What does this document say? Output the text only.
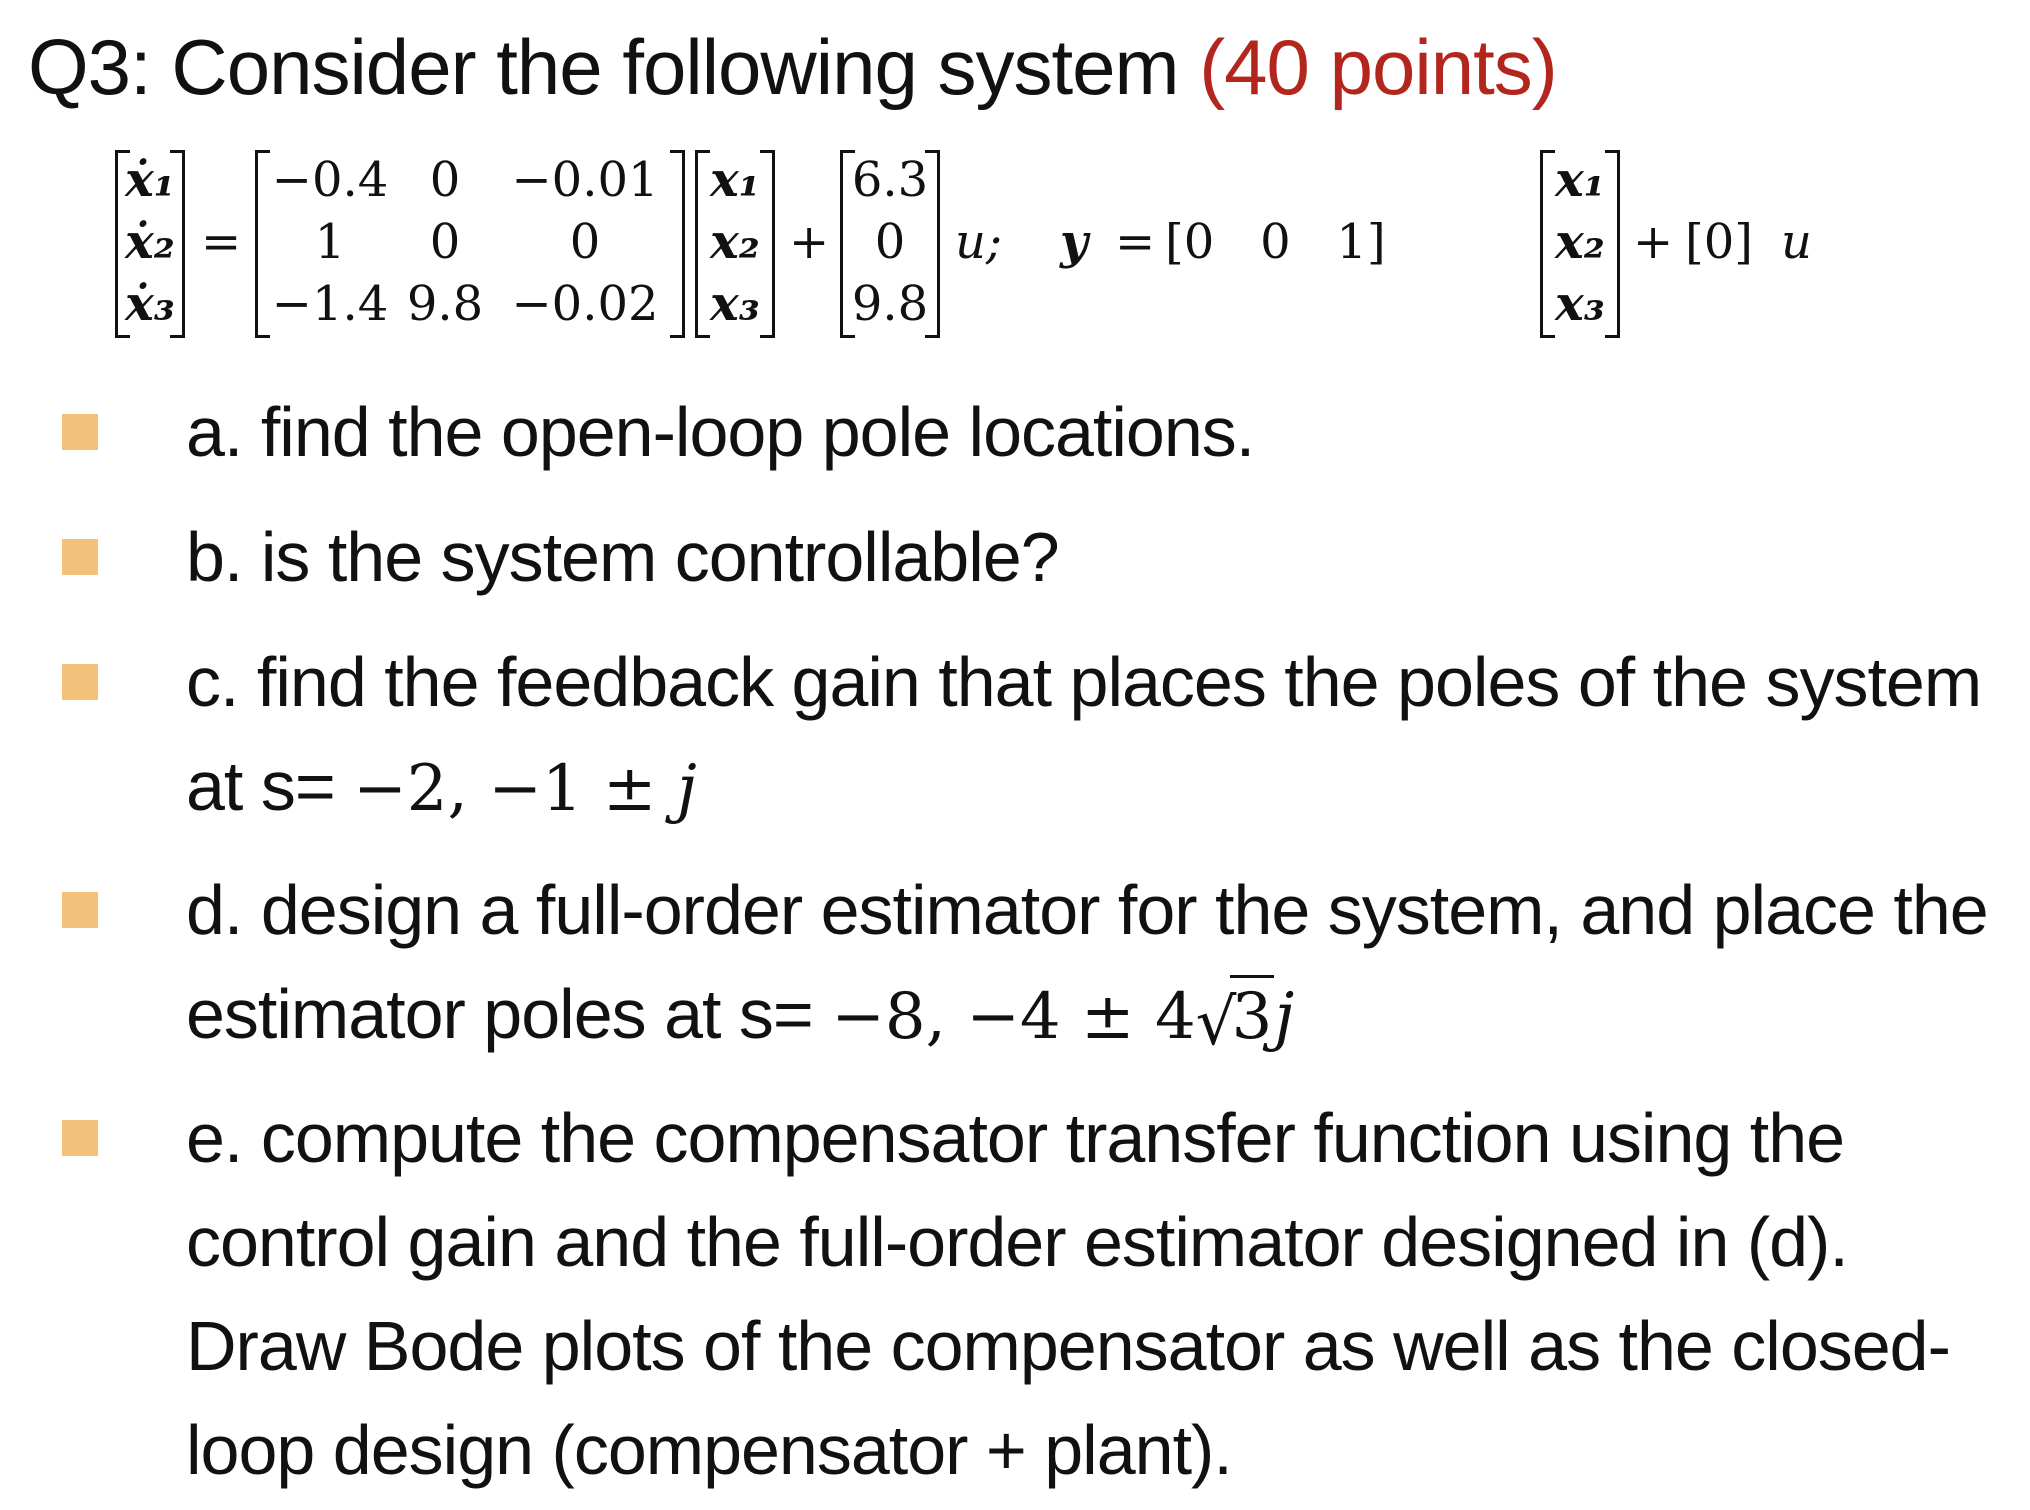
Q3: Consider the following system (40 points)
ẋ₁
ẋ₂
ẋ₃
=
−0.4 0	−0.01
1	0	0
−1.4 9.8 −0.02
x₁
x₂
x₃
+
6.3
0
9.8
u; y = [0 0 1]
x₁
x₂
x₃
+ [0] u
a. find the open-loop pole locations.
b. is the system controllable?
c. find the feedback gain that places the poles of the system at s= −2, −1 ± j
d. design a full-order estimator for the system, and place the estimator poles at s= −8, −4 ± 4 √
3j
e. compute the compensator transfer function using the control gain and the full-order estimator designed in (d). Draw Bode plots of the compensator as well as the closed-loop design (compensator + plant).
